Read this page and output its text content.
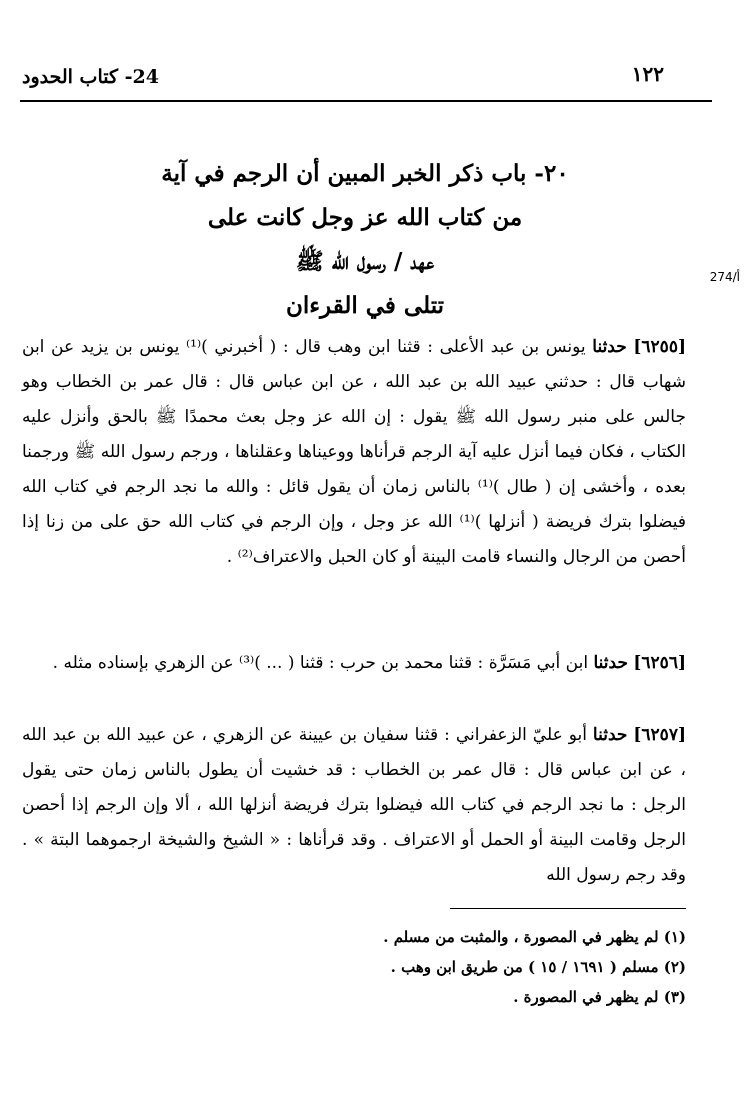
24- كتاب الحدود	١٢٢
٢٠- باب ذكر الخبر المبين أن الرجم في آية
من كتاب الله عز وجل كانت على
عهد / رسول الله ﷺ
تتلى في القرءان
أ/274

[٦٢٥٥] حدثنا يونس بن عبد الأعلى : قثنا ابن وهب قال : ( أخبرني )⁽¹⁾ يونس بن يزيد عن ابن شهاب قال : حدثني عبيد الله بن عبد الله ، عن ابن عباس قال : قال عمر بن الخطاب وهو جالس على منبر رسول الله ﷺ يقول : إن الله عز وجل بعث محمدًا ﷺ بالحق وأنزل عليه الكتاب ، فكان فيما أنزل عليه آية الرجم قرأناها ووعيناها وعقلناها ، ورجم رسول الله ﷺ ورجمنا بعده ، وأخشى إن ( طال )⁽¹⁾ بالناس زمان أن يقول قائل : والله ما نجد الرجم في كتاب الله فيضلوا بترك فريضة ( أنزلها )⁽¹⁾ الله عز وجل ، وإن الرجم في كتاب الله حق على من زنا إذا أحصن من الرجال والنساء قامت البينة أو كان الحبل والاعتراف⁽²⁾ .

[٦٢٥٦] حدثنا ابن أبي مَسَرَّة : قثنا محمد بن حرب : قثنا ( ... )⁽³⁾ عن الزهري بإسناده مثله .

[٦٢٥٧] حدثنا أبو عليّ الزعفراني : قثنا سفيان بن عيينة عن الزهري ، عن عبيد الله بن عبد الله ، عن ابن عباس قال : قال عمر بن الخطاب : قد خشيت أن يطول بالناس زمان حتى يقول الرجل : ما نجد الرجم في كتاب الله فيضلوا بترك فريضة أنزلها الله ، ألا وإن الرجم إذا أحصن الرجل وقامت البينة أو الحمل أو الاعتراف . وقد قرأناها : « الشيخ والشيخة ارجموهما البتة » . وقد رجم رسول الله

(١) لم يظهر في المصورة ، والمثبت من مسلم .
(٢) مسلم ( ١٦٩١ / ١٥ ) من طريق ابن وهب .
(٣) لم يظهر في المصورة .
